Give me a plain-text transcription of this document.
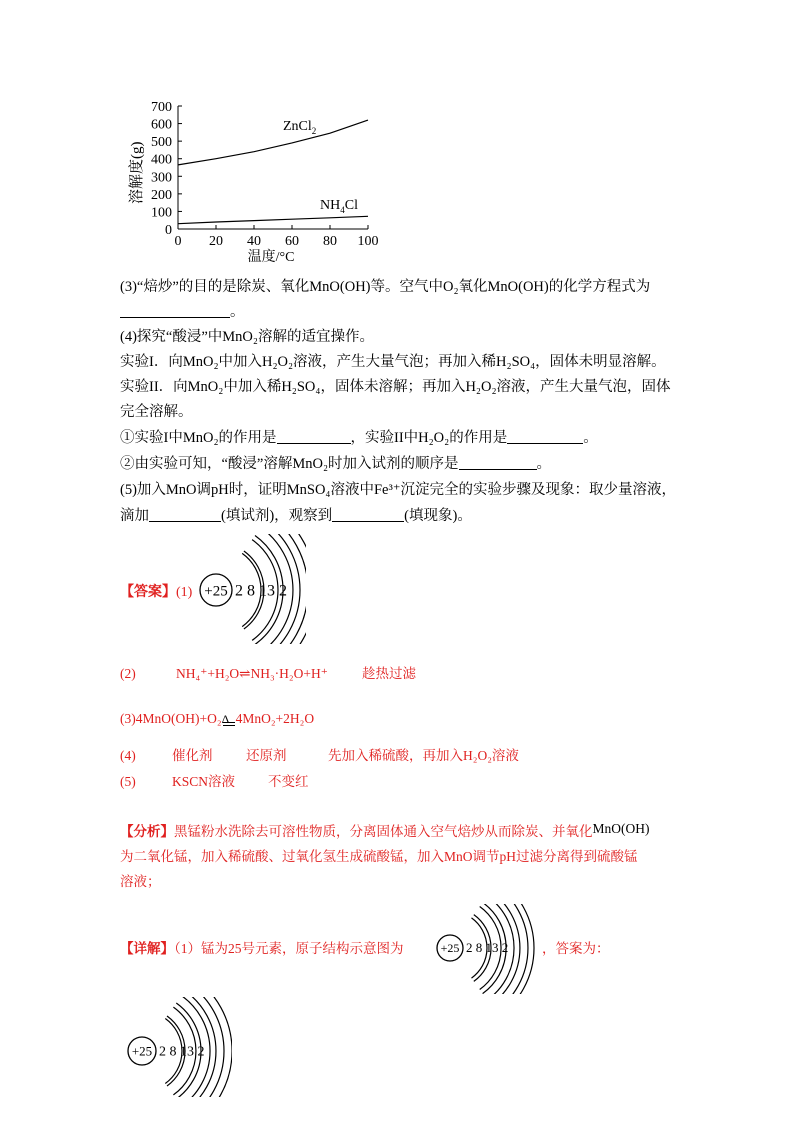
700
600
500
400
300
200
100
0
0 20 40 60 80 100
溶解度(g)
温度/°C
ZnCl$_2$
$NH_4Cl$
(3)“焙炒”的目的是除炭、氧化MnO(OH)等。空气中O₂氧化MnO(OH)的化学方程式为
。
(4)探究“酸浸”中MnO₂溶解的适宜操作。
实验I．向MnO₂中加入H₂O₂溶液，产生大量气泡；再加入稀H₂SO₄，固体未明显溶解。
实验II．向MnO₂中加入稀H₂SO₄，固体未溶解；再加入H₂O₂溶液，产生大量气泡，固体
完全溶解。
①实验I中MnO₂的作用是	，实验II中H₂O₂的作用是	。
②由实验可知，“酸浸”溶解MnO₂时加入试剂的顺序是	。
(5)加入MnO调pH时，证明MnSO₄溶液中Fe³⁺沉淀完全的实验步骤及现象：取少量溶液，
滴加	(填试剂)，观察到	(填现象)。
【答案】(1) +25 2 8 13 2
(2)	NH₄⁺+H₂O⇌NH₃·H₂O+H⁺	趁热过滤
(3)4MnO(OH)+O₂ Δ 4MnO₂+2H₂O
(4)	催化剂 还原剂	先加入稀硫酸，再加入H₂O₂溶液
(5)	KSCN溶液 不变红
【分析】黑锰粉水洗除去可溶性物质，分离固体通入空气焙炒从而除炭、并氧化MnO(OH)
为二氧化锰，加入稀硫酸、过氧化氢生成硫酸锰，加入MnO调节pH过滤分离得到硫酸锰
溶液；
【详解】（1）锰为25号元素，原子结构示意图为	+25 2 8 13 2	，答案为：
+25 2 8 13 2
